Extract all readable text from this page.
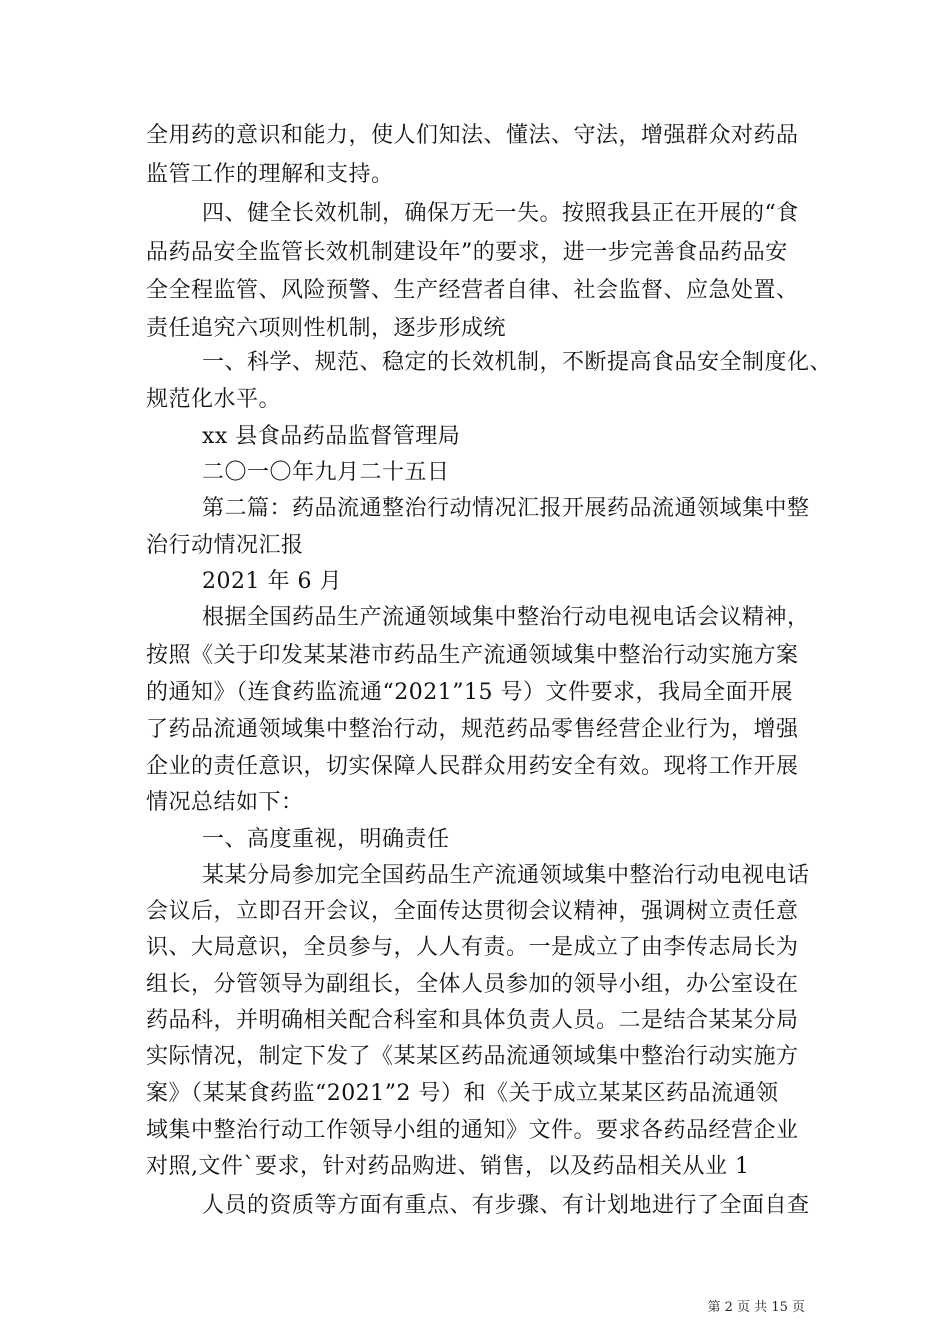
全用药的意识和能力，使人们知法、懂法、守法，增强群众对药品
监管工作的理解和支持。
四、健全长效机制，确保万无一失。按照我县正在开展的“食
品药品安全监管长效机制建设年”的要求，进一步完善食品药品安
全全程监管、风险预警、生产经营者自律、社会监督、应急处置、
责任追究六项则性机制，逐步形成统
一、科学、规范、稳定的长效机制，不断提高食品安全制度化、
规范化水平。
xx 县食品药品监督管理局
二〇一〇年九月二十五日
第二篇：药品流通整治行动情况汇报开展药品流通领域集中整
治行动情况汇报
2021 年 6 月
根据全国药品生产流通领域集中整治行动电视电话会议精神，
按照《关于印发某某港市药品生产流通领域集中整治行动实施方案
的通知》（连食药监流通“2021”15 号）文件要求，我局全面开展
了药品流通领域集中整治行动，规范药品零售经营企业行为，增强
企业的责任意识，切实保障人民群众用药安全有效。现将工作开展
情况总结如下：
一、高度重视，明确责任
某某分局参加完全国药品生产流通领域集中整治行动电视电话
会议后，立即召开会议，全面传达贯彻会议精神，强调树立责任意
识、大局意识，全员参与，人人有责。一是成立了由李传志局长为
组长，分管领导为副组长，全体人员参加的领导小组，办公室设在
药品科，并明确相关配合科室和具体负责人员。二是结合某某分局
实际情况，制定下发了《某某区药品流通领域集中整治行动实施方
案》（某某食药监“2021”2 号）和《关于成立某某区药品流通领
域集中整治行动工作领导小组的通知》文件。要求各药品经营企业
对照,文件`要求，针对药品购进、销售，以及药品相关从业 1
人员的资质等方面有重点、有步骤、有计划地进行了全面自查
第 2 页 共 15 页
